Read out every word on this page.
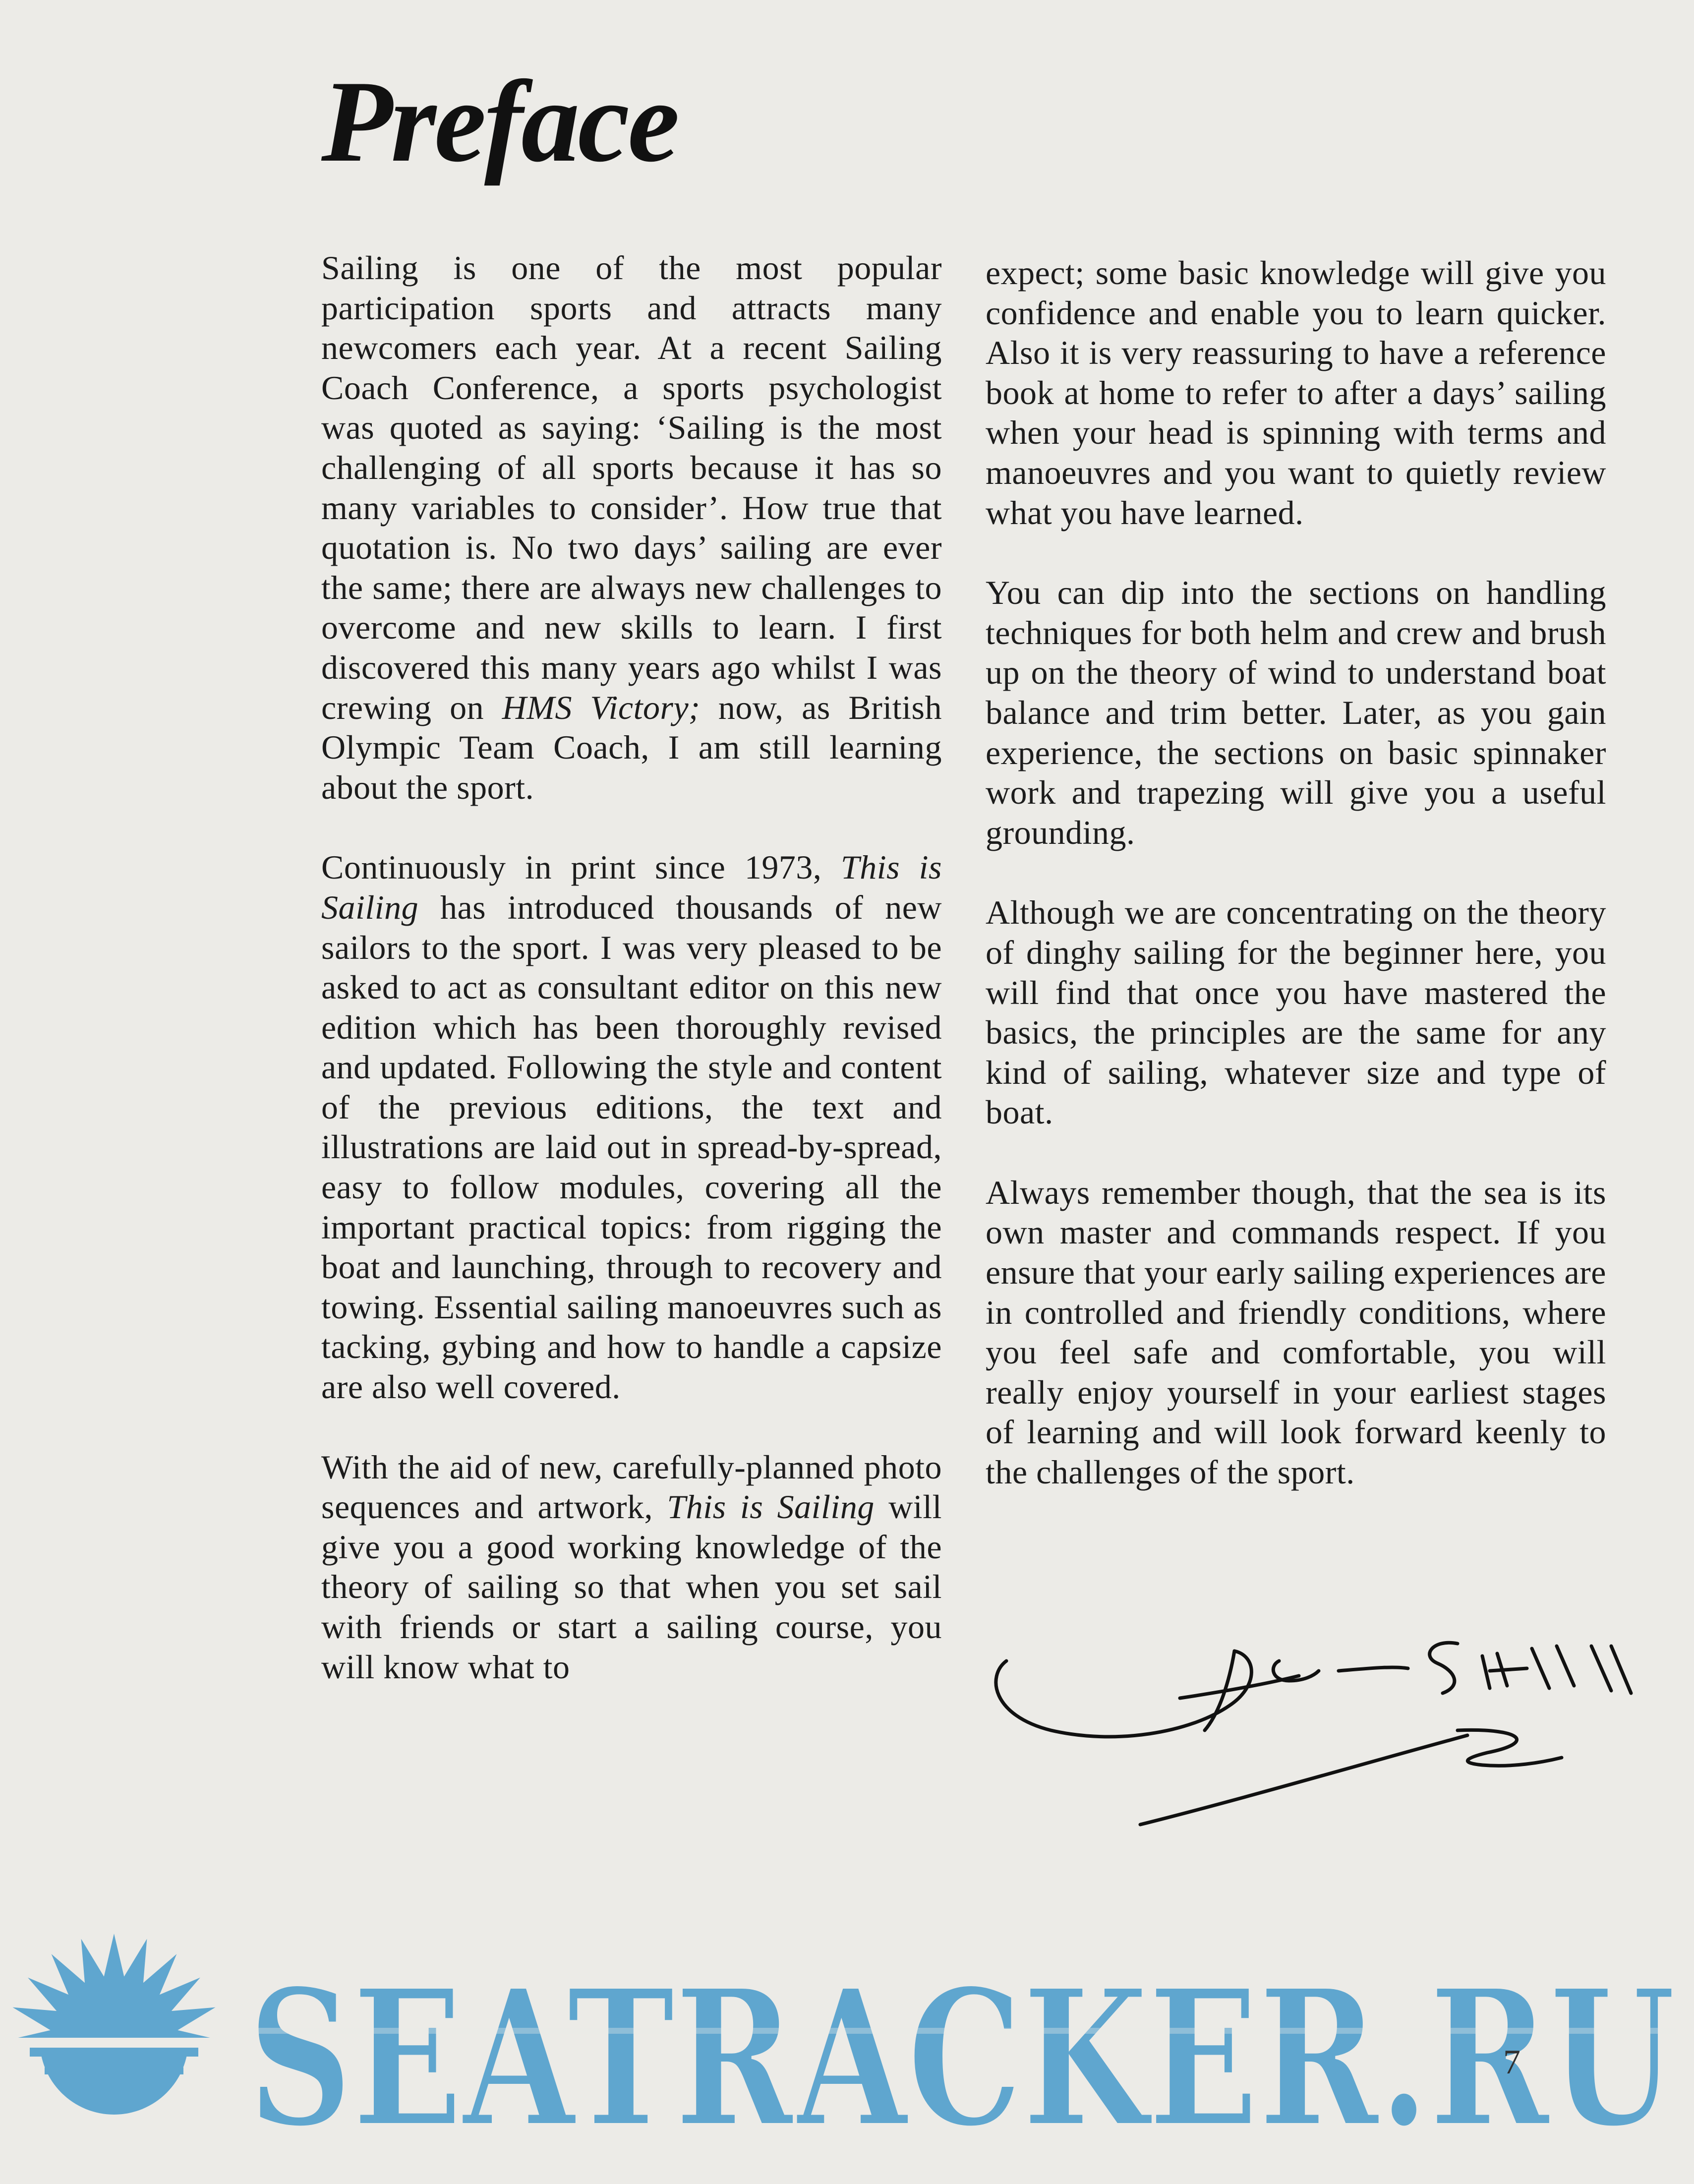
Preface

Sailing is one of the most popular participation sports and attracts many newcomers each year. At a recent Sailing Coach Conference, a sports psychologist was quoted as saying: ‘Sailing is the most challenging of all sports because it has so many variables to consider’. How true that quotation is. No two days’ sailing are ever the same; there are always new challenges to overcome and new skills to learn. I first discovered this many years ago whilst I was crewing on HMS Victory; now, as British Olympic Team Coach, I am still learning about the sport.

Continuously in print since 1973, This is Sailing has introduced thousands of new sailors to the sport. I was very pleased to be asked to act as consultant editor on this new edition which has been thoroughly revised and updated. Following the style and content of the previous editions, the text and illustrations are laid out in spread-by-spread, easy to follow modules, covering all the important practical topics: from rigging the boat and launching, through to recovery and towing. Essential sailing manoeuvres such as tacking, gybing and how to handle a capsize are also well covered.

With the aid of new, carefully-planned photo sequences and artwork, This is Sailing will give you a good working knowledge of the theory of sailing so that when you set sail with friends or start a sailing course, you will know what to

expect; some basic knowledge will give you confidence and enable you to learn quicker. Also it is very reassuring to have a reference book at home to refer to after a days’ sailing when your head is spinning with terms and manoeuvres and you want to quietly review what you have learned.

You can dip into the sections on handling techniques for both helm and crew and brush up on the theory of wind to understand boat balance and trim better. Later, as you gain experience, the sections on basic spinnaker work and trapezing will give you a useful grounding.

Although we are concentrating on the theory of dinghy sailing for the beginner here, you will find that once you have mastered the basics, the principles are the same for any kind of sailing, whatever size and type of boat.

Always remember though, that the sea is its own master and commands respect. If you ensure that your early sailing experiences are in controlled and friendly conditions, where you feel safe and comfortable, you will really enjoy yourself in your earliest stages of learning and will look forward keenly to the challenges of the sport.

SEATRACKER.RU
7
